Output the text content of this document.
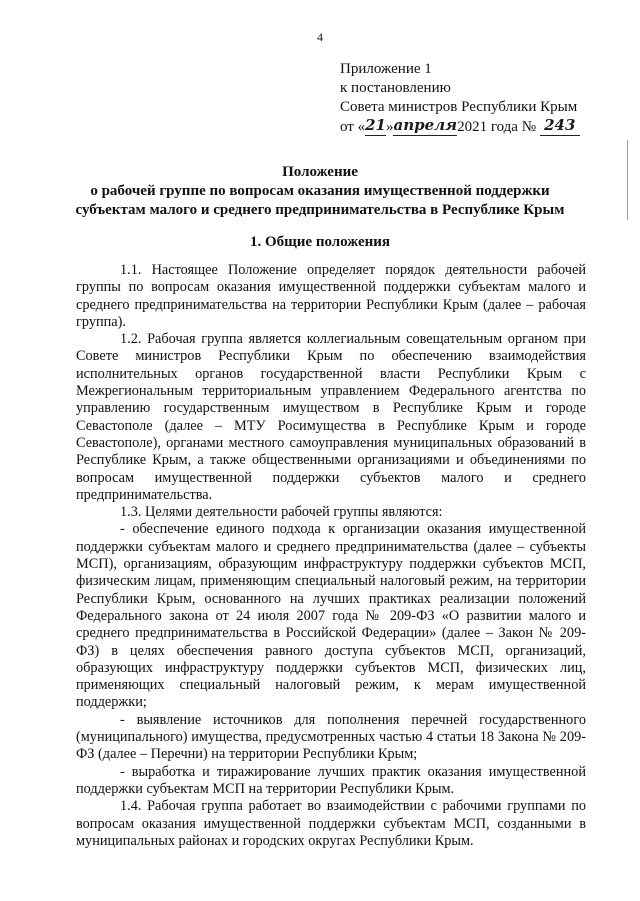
4
Приложение 1
к постановлению
Совета министров Республики Крым
от «21»апреля2021 года № 243
Положение
о рабочей группе по вопросам оказания имущественной поддержки
субъектам малого и среднего предпринимательства в Республике Крым
1. Общие положения

1.1. Настоящее Положение определяет порядок деятельности рабочей группы по вопросам оказания имущественной поддержки субъектам малого и среднего предпринимательства на территории Республики Крым (далее – рабочая группа).

1.2. Рабочая группа является коллегиальным совещательным органом при Совете министров Республики Крым по обеспечению взаимодействия исполнительных органов государственной власти Республики Крым с Межрегиональным территориальным управлением Федерального агентства по управлению государственным имуществом в Республике Крым и городе Севастополе (далее – МТУ Росимущества в Республике Крым и городе Севастополе), органами местного самоуправления муниципальных образований в Республике Крым, а также общественными организациями и объединениями по вопросам имущественной поддержки субъектов малого и среднего предпринимательства.

1.3. Целями деятельности рабочей группы являются:

- обеспечение единого подхода к организации оказания имущественной поддержки субъектам малого и среднего предпринимательства (далее – субъекты МСП), организациям, образующим инфраструктуру поддержки субъектов МСП, физическим лицам, применяющим специальный налоговый режим, на территории Республики Крым, основанного на лучших практиках реализации положений Федерального закона от 24 июля 2007 года № 209-ФЗ «О развитии малого и среднего предпринимательства в Российской Федерации» (далее – Закон № 209-ФЗ) в целях обеспечения равного доступа субъектов МСП, организаций, образующих инфраструктуру поддержки субъектов МСП, физических лиц, применяющих специальный налоговый режим, к мерам имущественной поддержки;

- выявление источников для пополнения перечней государственного (муниципального) имущества, предусмотренных частью 4 статьи 18 Закона № 209-ФЗ (далее – Перечни) на территории Республики Крым;

- выработка и тиражирование лучших практик оказания имущественной поддержки субъектам МСП на территории Республики Крым.

1.4. Рабочая группа работает во взаимодействии с рабочими группами по вопросам оказания имущественной поддержки субъектам МСП, созданными в муниципальных районах и городских округах Республики Крым.
